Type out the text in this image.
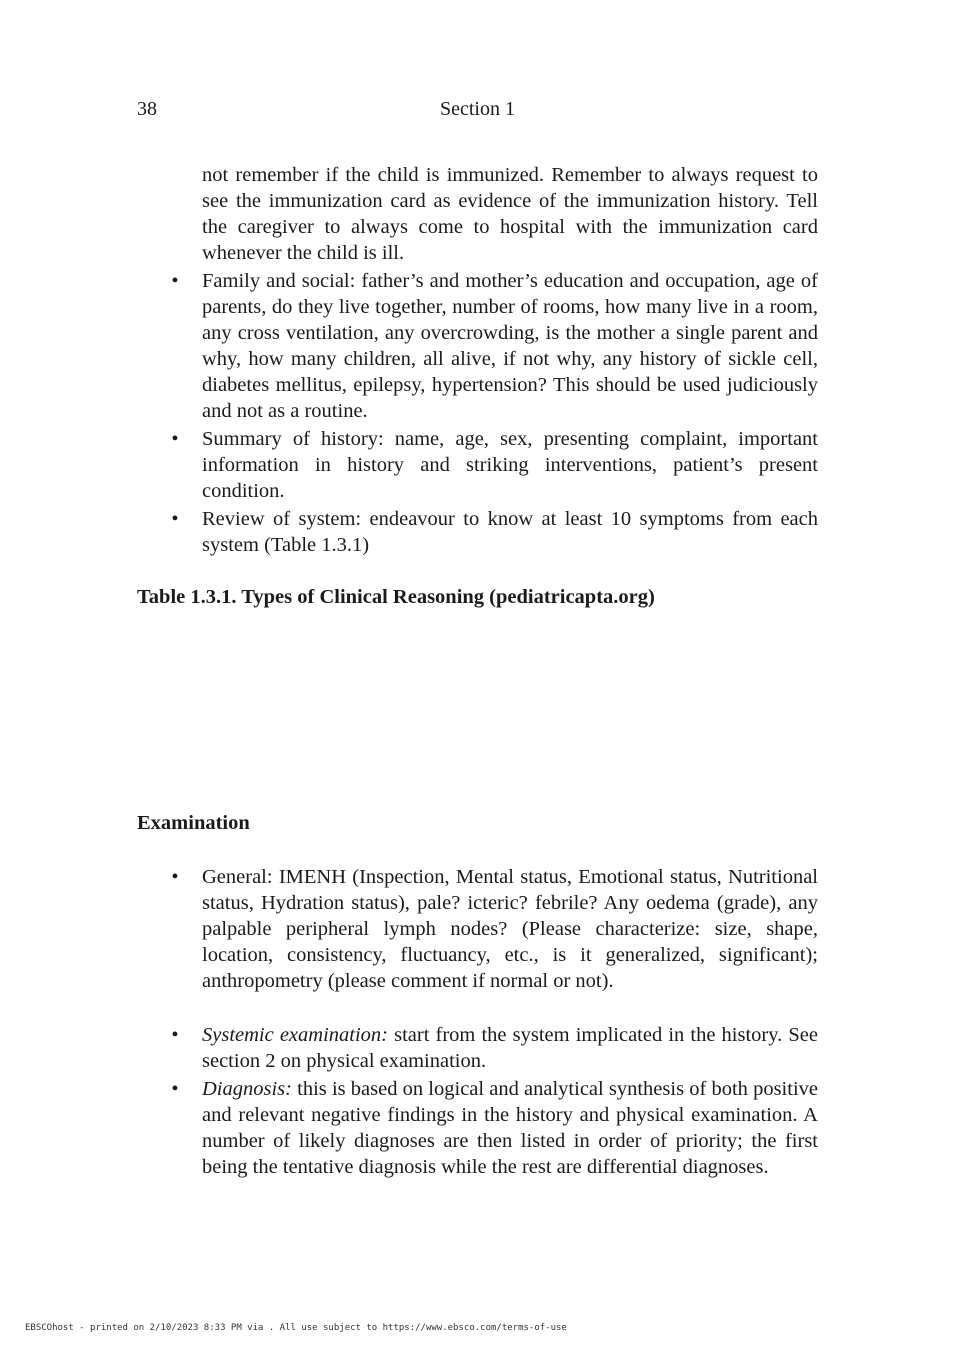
38	Section 1

not remember if the child is immunized. Remember to always request to see the immunization card as evidence of the immunization history. Tell the caregiver to always come to hospital with the immunization card whenever the child is ill.

• Family and social: father’s and mother’s education and occupation, age of parents, do they live together, number of rooms, how many live in a room, any cross ventilation, any overcrowding, is the mother a single parent and why, how many children, all alive, if not why, any history of sickle cell, diabetes mellitus, epilepsy, hypertension? This should be used judiciously and not as a routine.
• Summary of history: name, age, sex, presenting complaint, important information in history and striking interventions, patient’s present condition.
• Review of system: endeavour to know at least 10 symptoms from each system (Table 1.3.1)
Table 1.3.1. Types of Clinical Reasoning (pediatricapta.org)
Examination
• General: IMENH (Inspection, Mental status, Emotional status, Nutritional status, Hydration status), pale? icteric? febrile? Any oedema (grade), any palpable peripheral lymph nodes? (Please characterize: size, shape, location, consistency, fluctuancy, etc., is it generalized, significant); anthropometry (please comment if normal or not).
• Systemic examination: start from the system implicated in the history. See section 2 on physical examination.
• Diagnosis: this is based on logical and analytical synthesis of both positive and relevant negative findings in the history and physical examination. A number of likely diagnoses are then listed in order of priority; the first being the tentative diagnosis while the rest are differential diagnoses.
EBSCOhost - printed on 2/10/2023 8:33 PM via . All use subject to https://www.ebsco.com/terms-of-use
